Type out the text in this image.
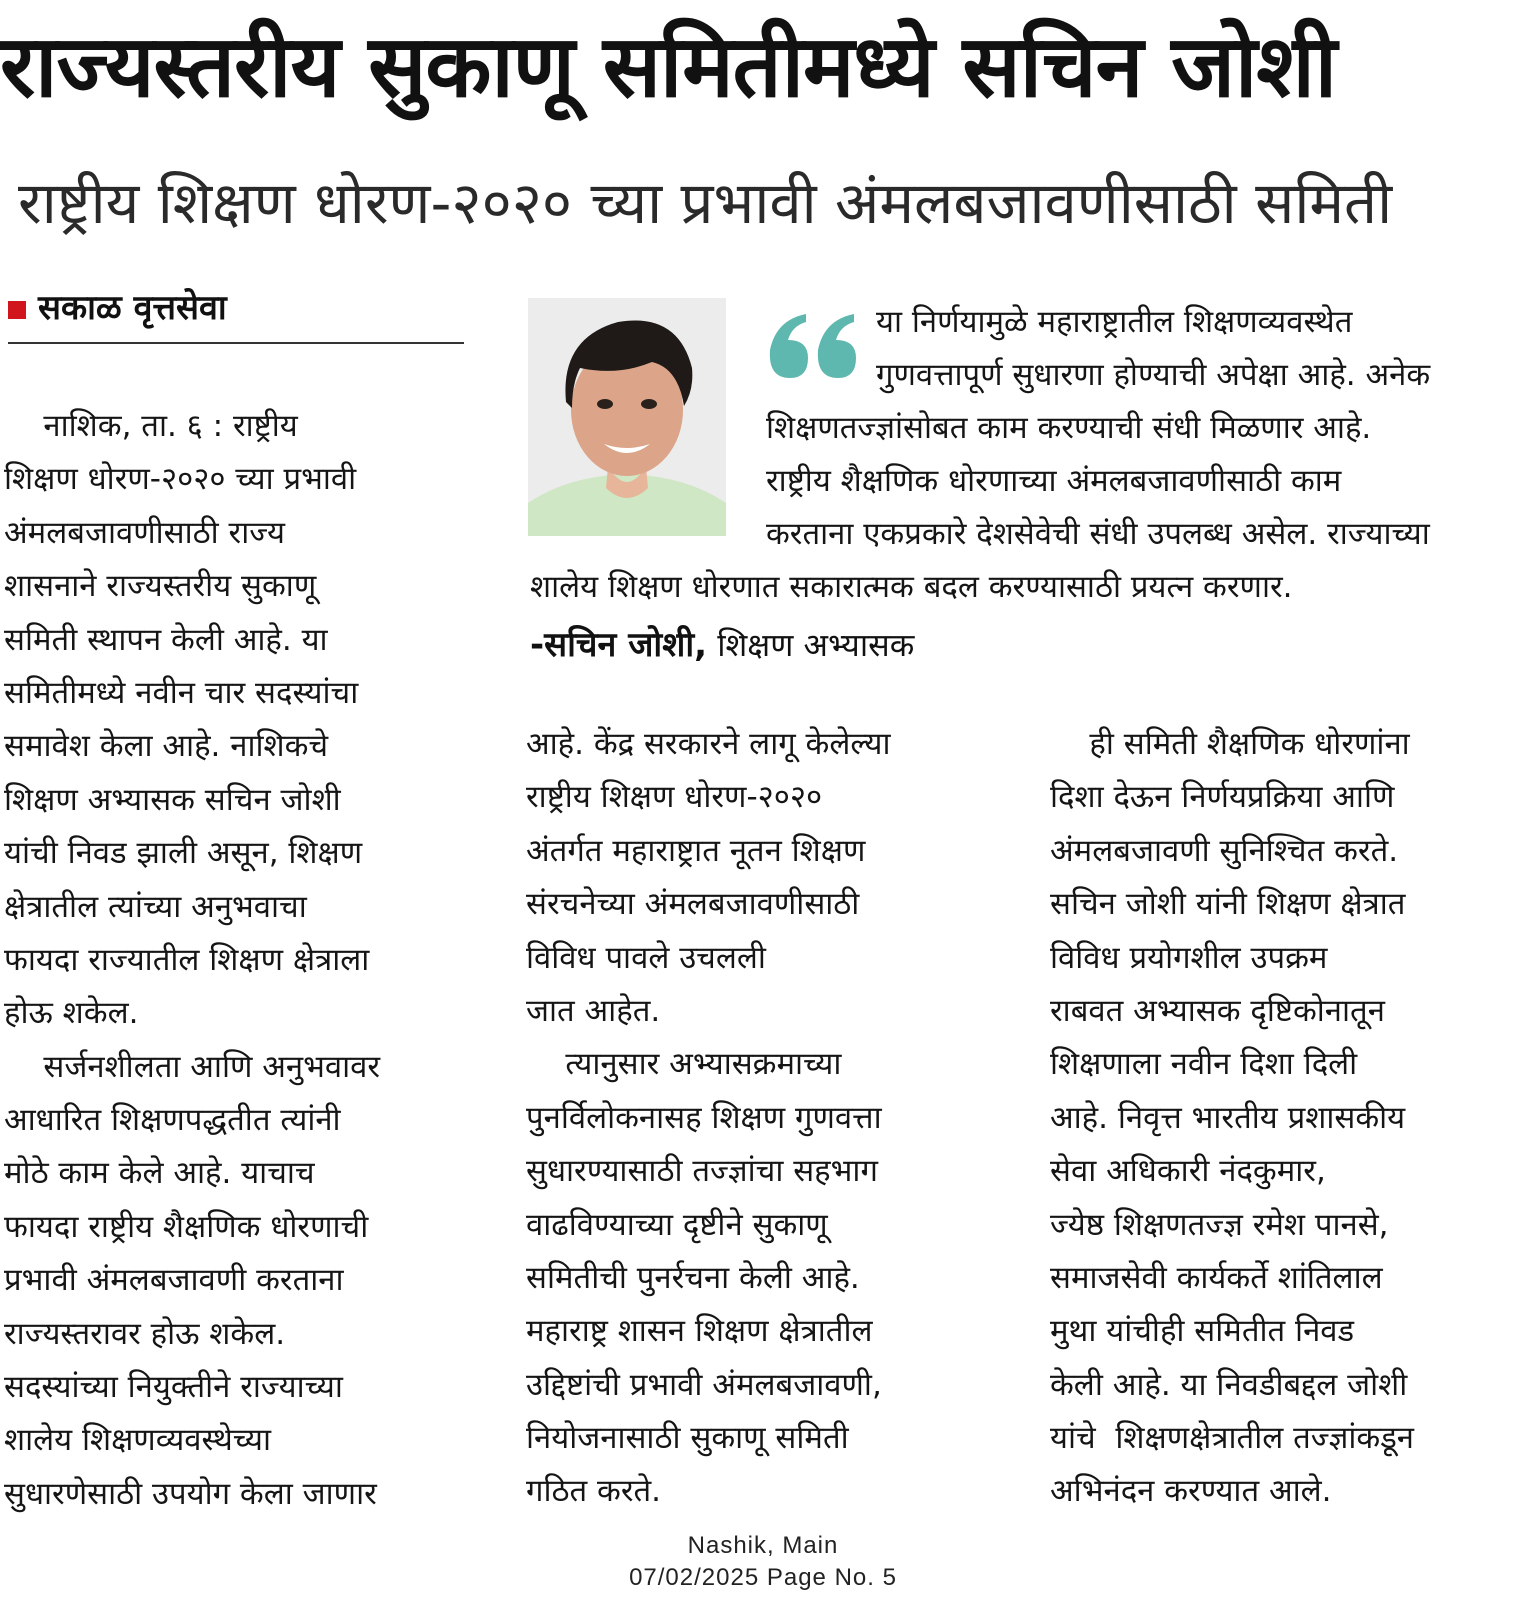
राज्यस्तरीय सुकाणू समितीमध्ये सचिन जोशी
राष्ट्रीय शिक्षण धोरण-२०२० च्या प्रभावी अंमलबजावणीसाठी समिती
सकाळ वृत्तसेवा

	या निर्णयामुळे महाराष्ट्रातील शिक्षणव्यवस्थेत

गुणवत्तापूर्ण सुधारणा होण्याची अपेक्षा आहे. अनेक

शिक्षणतज्ज्ञांसोबत काम करण्याची संधी मिळणार आहे.

राष्ट्रीय शैक्षणिक धोरणाच्या अंमलबजावणीसाठी काम

करताना एकप्रकारे देशसेवेची संधी उपलब्ध असेल. राज्याच्या

शालेय शिक्षण धोरणात सकारात्मक बदल करण्यासाठी प्रयत्न करणार.

-सचिन जोशी, शिक्षण अभ्यासक
नाशिक, ता. ६ : राष्ट्रीय
शिक्षण धोरण-२०२० च्या प्रभावी
अंमलबजावणीसाठी राज्य
शासनाने राज्यस्तरीय सुकाणू
समिती स्थापन केली आहे. या
समितीमध्ये नवीन चार सदस्यांचा
समावेश केला आहे. नाशिकचे
शिक्षण अभ्यासक सचिन जोशी
यांची निवड झाली असून, शिक्षण
क्षेत्रातील त्यांच्या अनुभवाचा
फायदा राज्यातील शिक्षण क्षेत्राला
होऊ शकेल.
सर्जनशीलता आणि अनुभवावर
आधारित शिक्षणपद्धतीत त्यांनी
मोठे काम केले आहे. याचाच
फायदा राष्ट्रीय शैक्षणिक धोरणाची
प्रभावी अंमलबजावणी करताना
राज्यस्तरावर होऊ शकेल.
सदस्यांच्या नियुक्तीने राज्याच्या
शालेय शिक्षणव्यवस्थेच्या
सुधारणेसाठी उपयोग केला जाणार
आहे. केंद्र सरकारने लागू केलेल्या
राष्ट्रीय शिक्षण धोरण-२०२०
अंतर्गत महाराष्ट्रात नूतन शिक्षण
संरचनेच्या अंमलबजावणीसाठी
विविध पावले उचलली
जात आहेत.
त्यानुसार अभ्यासक्रमाच्या
पुनर्विलोकनासह शिक्षण गुणवत्ता
सुधारण्यासाठी तज्ज्ञांचा सहभाग
वाढविण्याच्या दृष्टीने सुकाणू
समितीची पुनर्रचना केली आहे.
महाराष्ट्र शासन शिक्षण क्षेत्रातील
उद्दिष्टांची प्रभावी अंमलबजावणी,
नियोजनासाठी सुकाणू समिती
गठित करते.
ही समिती शैक्षणिक धोरणांना
दिशा देऊन निर्णयप्रक्रिया आणि
अंमलबजावणी सुनिश्चित करते.
सचिन जोशी यांनी शिक्षण क्षेत्रात
विविध प्रयोगशील उपक्रम
राबवत अभ्यासक दृष्टिकोनातून
शिक्षणाला नवीन दिशा दिली
आहे. निवृत्त भारतीय प्रशासकीय
सेवा अधिकारी नंदकुमार,
ज्येष्ठ शिक्षणतज्ज्ञ रमेश पानसे,
समाजसेवी कार्यकर्ते शांतिलाल
मुथा यांचीही समितीत निवड
केली आहे. या निवडीबद्दल जोशी
यांचे  शिक्षणक्षेत्रातील तज्ज्ञांकडून
अभिनंदन करण्यात आले.
Nashik, Main
07/02/2025 Page No. 5
